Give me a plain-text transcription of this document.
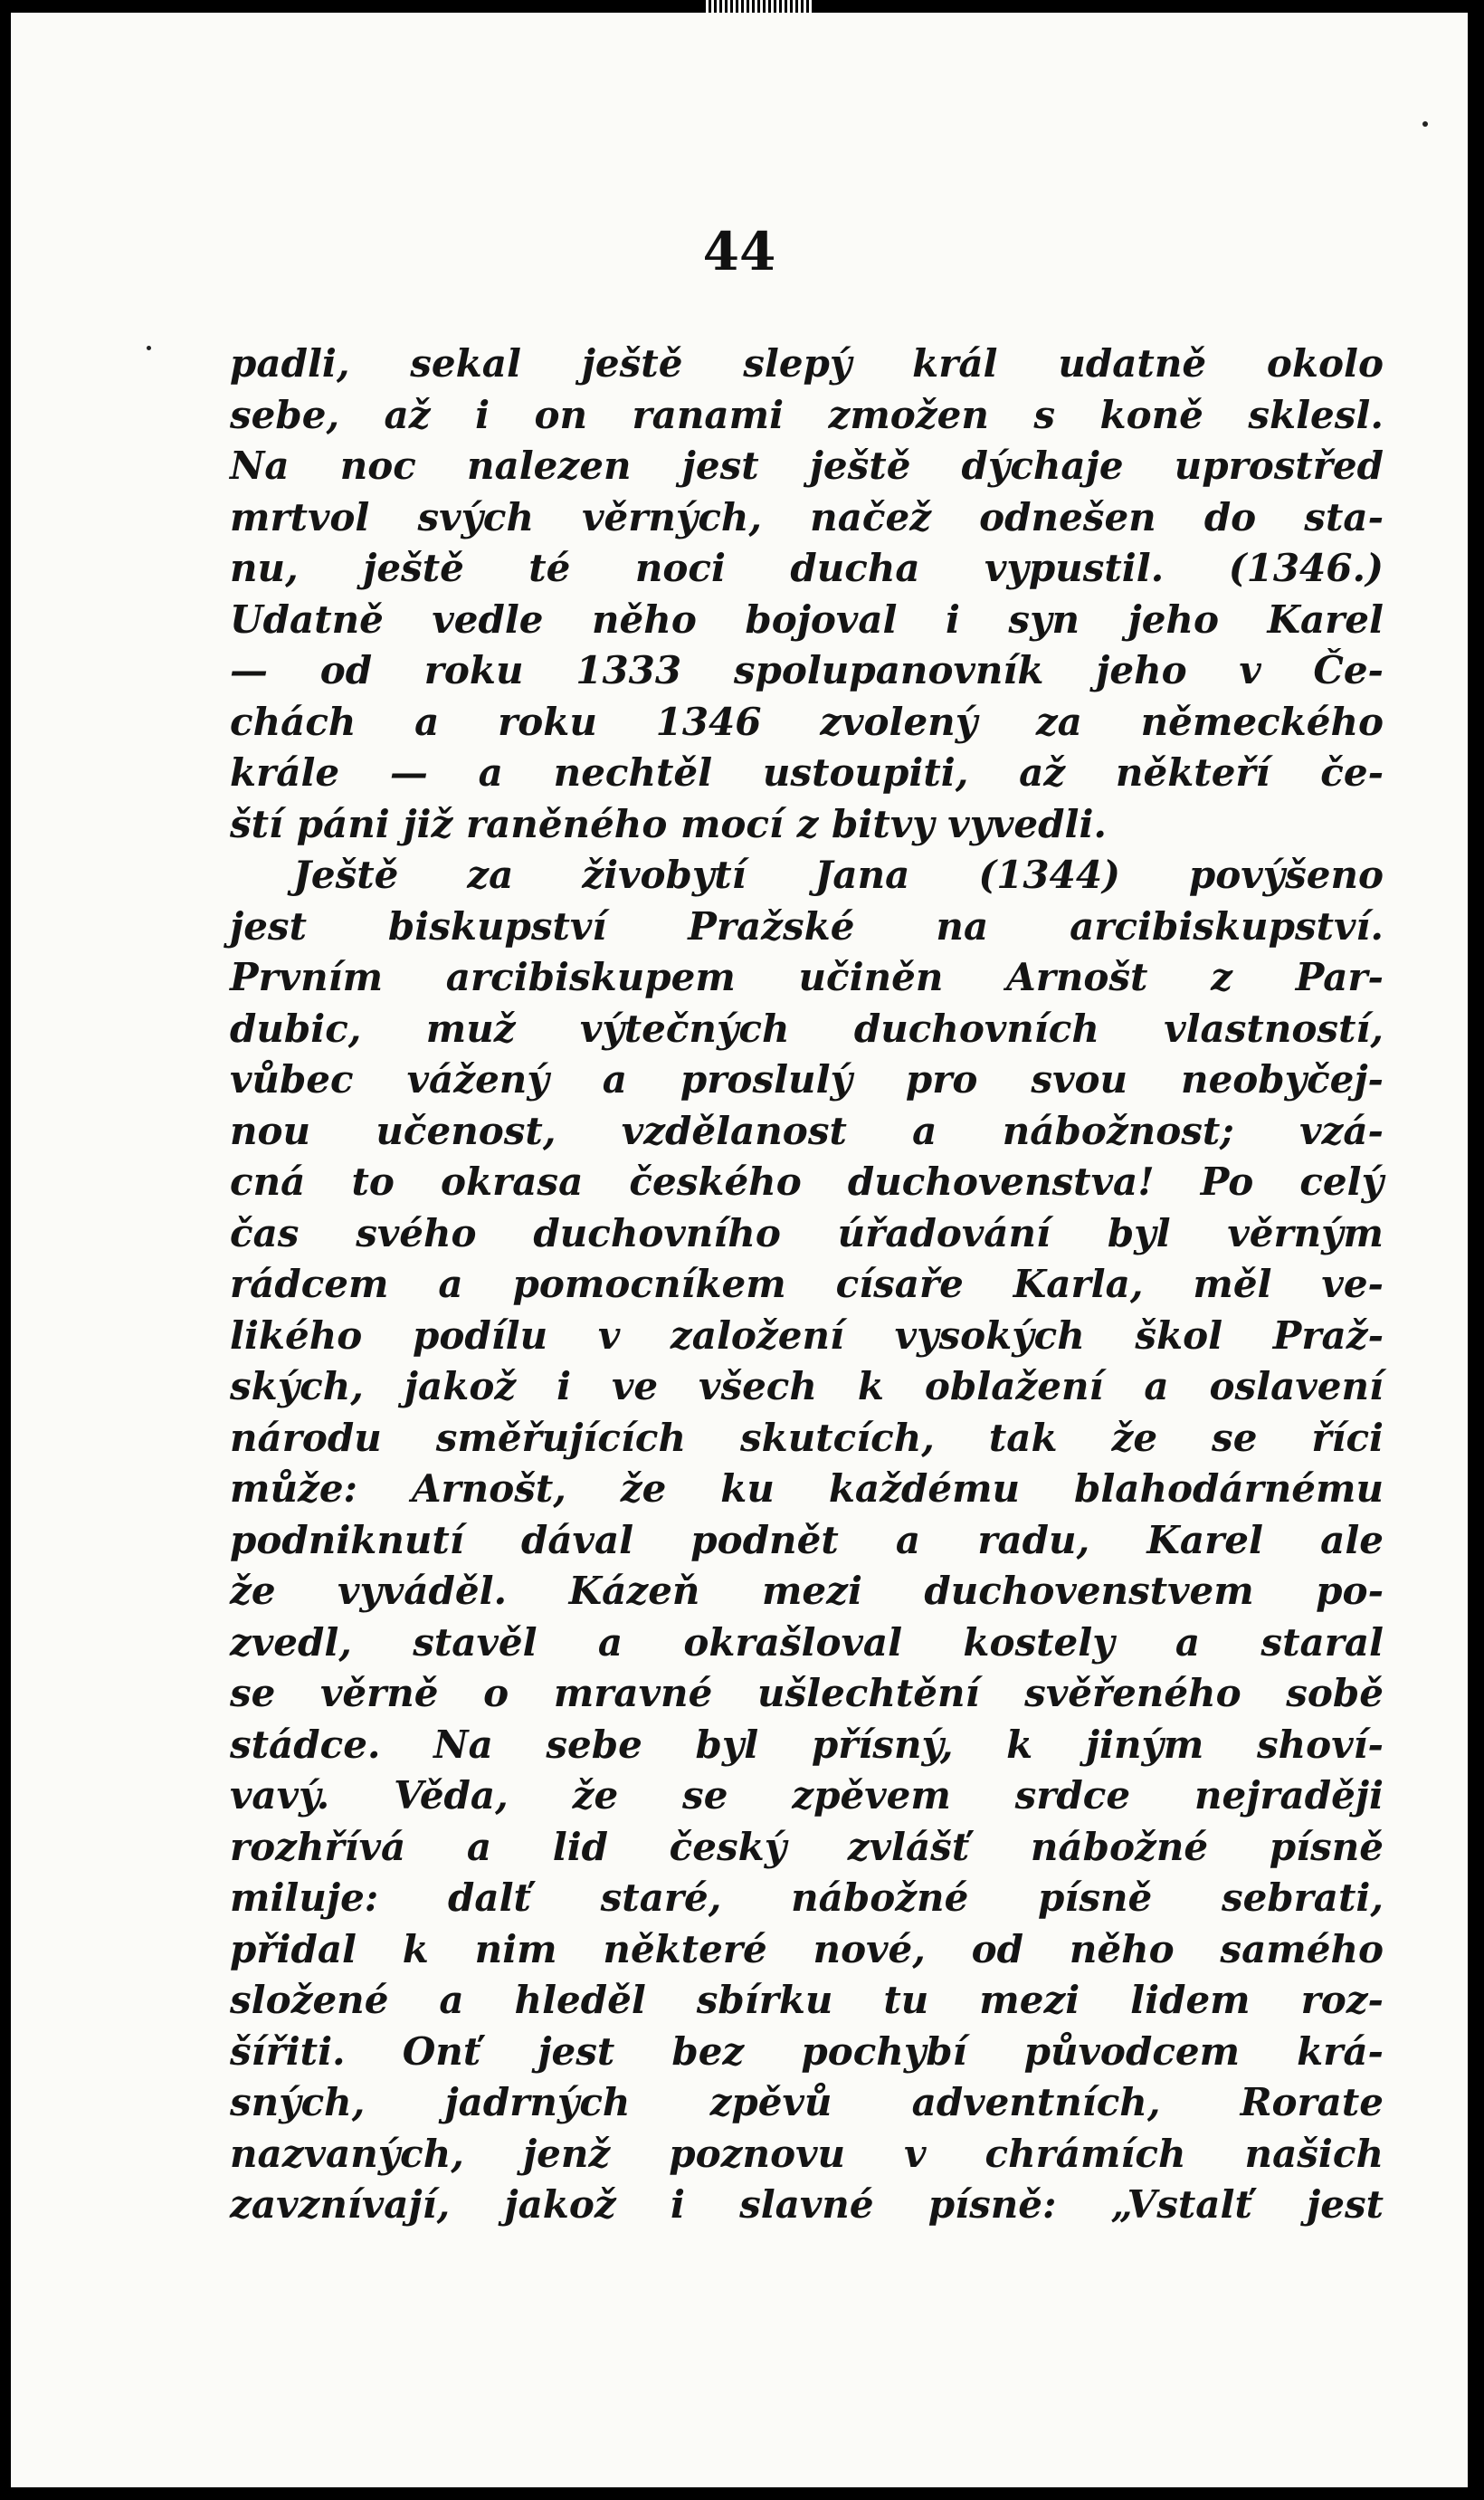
44
padli, sekal ještě slepý král udatně okolo
sebe, až i on ranami zmožen s koně sklesl.
Na noc nalezen jest ještě dýchaje uprostřed
mrtvol svých věrných, načež odnešen do sta-
nu, ještě té noci ducha vypustil. (1346.)
Udatně vedle něho bojoval i syn jeho Karel
— od roku 1333 spolupanovník jeho v Če-
chách a roku 1346 zvolený za německého
krále — a nechtěl ustoupiti, až někteří če-
ští páni již raněného mocí z bitvy vyvedli.
Ještě za živobytí Jana (1344) povýšeno
jest biskupství Pražské na arcibiskupství.
Prvním arcibiskupem učiněn Arnošt z Par-
dubic, muž výtečných duchovních vlastností,
vůbec vážený a proslulý pro svou neobyčej-
nou učenost, vzdělanost a nábožnost; vzá-
cná to okrasa českého duchovenstva! Po celý
čas svého duchovního úřadování byl věrným
rádcem a pomocníkem císaře Karla, měl ve-
likého podílu v založení vysokých škol Praž-
ských, jakož i ve všech k oblažení a oslavení
národu směřujících skutcích, tak že se říci
může: Arnošt, že ku každému blahodárnému
podniknutí dával podnět a radu, Karel ale
že vyváděl. Kázeň mezi duchovenstvem po-
zvedl, stavěl a okrašloval kostely a staral
se věrně o mravné ušlechtění svěřeného sobě
stádce. Na sebe byl přísný, k jiným shoví-
vavý. Věda, že se zpěvem srdce nejraději
rozhřívá a lid český zvlášť nábožné písně
miluje: dalť staré, nábožné písně sebrati,
přidal k nim některé nové, od něho samého
složené a hleděl sbírku tu mezi lidem roz-
šířiti. Onť jest bez pochybí původcem krá-
sných, jadrných zpěvů adventních, Rorate
nazvaných, jenž poznovu v chrámích našich
zavznívají, jakož i slavné písně: „Vstalť jest
